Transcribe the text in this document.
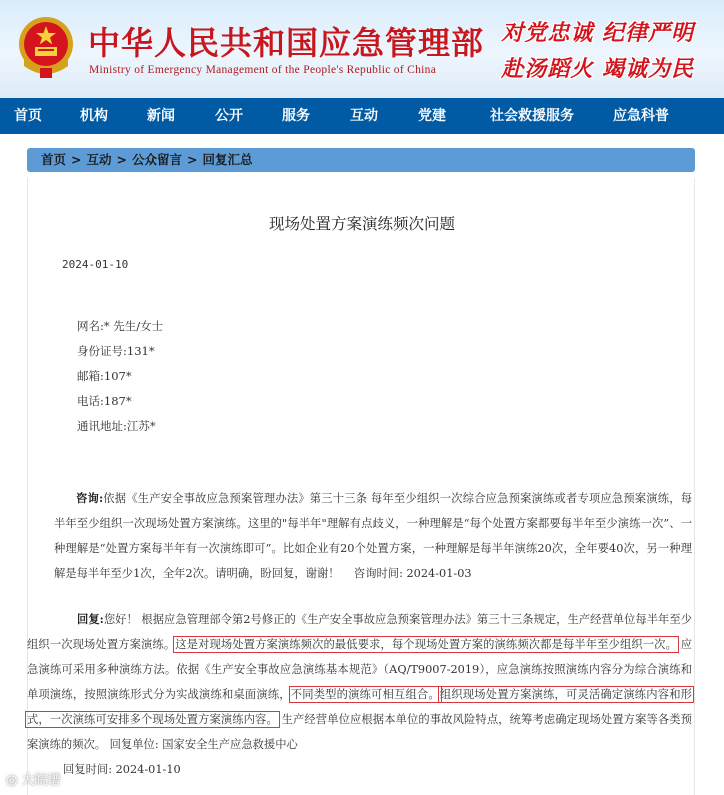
中华人民共和国应急管理部
Ministry of Emergency Management of the People's Republic of China
对党忠诚 纪律严明
赴汤蹈火 竭诚为民
首页	机构	新闻	公开	服务	互动	党建	社会救援服务	应急科普
首页 > 互动 > 公众留言 > 回复汇总
现场处置方案演练频次问题
2024-01-10
网名:* 先生/女士
身份证号:131*
邮箱:107*
电话:187*
通讯地址:江苏*
咨询:依据《生产安全事故应急预案管理办法》第三十三条 每年至少组织一次综合应急预案演练或者专项应急预案演练，每半年至少组织一次现场处置方案演练。这里的"每半年"理解有点歧义，一种理解是“每个处置方案都要每半年至少演练一次”、一种理解是“处置方案每半年有一次演练即可”。比如企业有20个处置方案，一种理解是每半年演练20次，全年要40次，另一种理解是每半年至少1次，全年2次。请明确，盼回复，谢谢！ 咨询时间: 2024-01-03
回复:您好！ 根据应急管理部令第2号修正的《生产安全事故应急预案管理办法》第三十三条规定，生产经营单位每半年至少组织一次现场处置方案演练。这是对现场处置方案演练频次的最低要求，每个现场处置方案的演练频次都是每半年至少组织一次。 应急演练可采用多种演练方法。依据《生产安全事故应急演练基本规范》（AQ/T9007-2019），应急演练按照演练内容分为综合演练和单项演练，按照演练形式分为实战演练和桌面演练，不同类型的演练可相互组合。组织现场处置方案演练，可灵活确定演练内容和形式，一次演练可安排多个现场处置方案演练内容。 生产经营单位应根据本单位的事故风险特点，统筹考虑确定现场处置方案等各类预案演练的频次。 回复单位: 国家安全生产应急救援中心
回复时间: 2024-01-10
◎ 大皖谱
